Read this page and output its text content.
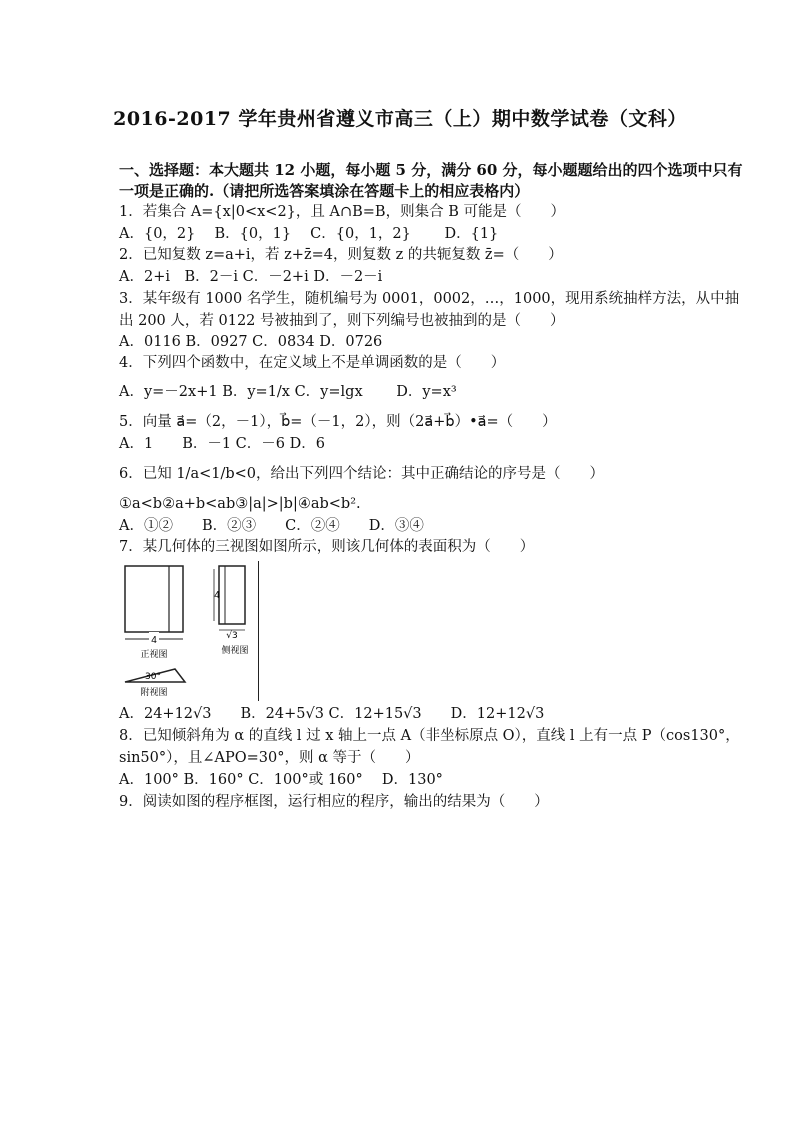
2016-2017 学年贵州省遵义市高三（上）期中数学试卷（文科）
一、选择题：本大题共 12 小题，每小题 5 分，满分 60 分，每小题题给出的四个选项中只有
一项是正确的.（请把所选答案填涂在答题卡上的相应表格内）
1．若集合 A={x|0<x<2}，且 A∩B=B，则集合 B 可能是（　　）
A．{0，2}　 B．{0，1}　 C．{0，1，2}　　 D．{1}
2．已知复数 z=a+i，若 z+z̄=4，则复数 z 的共轭复数 z̄=（　　）
A．2+i　B．2－i C．－2+i D．－2－i
3．某年级有 1000 名学生，随机编号为 0001，0002，…，1000，现用系统抽样方法，从中抽
出 200 人，若 0122 号被抽到了，则下列编号也被抽到的是（　　）
A．0116 B．0927 C．0834 D．0726
4．下列四个函数中，在定义域上不是单调函数的是（　　）
A．y=－2x+1 B．y=1/x C．y=lgx　　 D．y=x³
5．向量 a⃗=（2，－1），b⃗=（－1，2），则（2a⃗+b⃗）•a⃗=（　　）
A．1　　B．－1 C．－6 D．6
6．已知 1/a<1/b<0，给出下列四个结论：其中正确结论的序号是（　　）
①a<b②a+b<ab③|a|>|b|④ab<b².
A．①②　　B．②③　　C．②④　　D．③④
7．某几何体的三视图如图所示，则该几何体的表面积为（　　）
4
正视图
4
√3
侧视图
30°
附视图
A．24+12√3　　B．24+5√3 C．12+15√3　　D．12+12√3
8．已知倾斜角为 α 的直线 l 过 x 轴上一点 A（非坐标原点 O），直线 l 上有一点 P（cos130°，
sin50°），且∠APO=30°，则 α 等于（　　）
A．100° B．160° C．100°或 160°　 D．130°
9．阅读如图的程序框图，运行相应的程序，输出的结果为（　　）
